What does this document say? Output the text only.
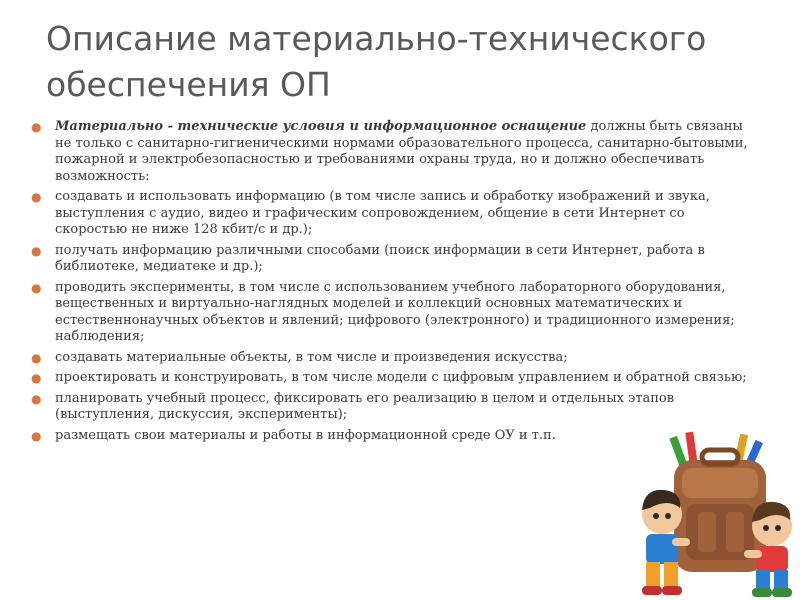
Описание материально-технического обеспечения ОП
● Материально - технические условия и информационное оснащение должны быть связаны не только с санитарно-гигиеническими нормами образовательного процесса, санитарно-бытовыми, пожарной и электробезопасностью и требованиями охраны труда, но и должно обеспечивать возможность:
● создавать и использовать информацию (в том числе запись и обработку изображений и звука, выступления с аудио, видео и графическим сопровождением, общение в сети Интернет со скоростью не ниже 128 кбит/с и др.);
● получать информацию различными способами (поиск информации в сети Интернет, работа в библиотеке, медиатеке и др.);
● проводить эксперименты, в том числе с использованием учебного лабораторного оборудования, вещественных и виртуально-наглядных моделей и коллекций основных математических и естественнонаучных объектов и явлений; цифрового (электронного) и традиционного измерения; наблюдения;
● создавать материальные объекты, в том числе и произведения искусства;
● проектировать и конструировать, в том числе модели с цифровым управлением и обратной связью;
● планировать учебный процесс, фиксировать его реализацию в целом и отдельных этапов (выступления, дискуссия, эксперименты);
● размещать свои материалы и работы в информационной среде ОУ и т.п.
